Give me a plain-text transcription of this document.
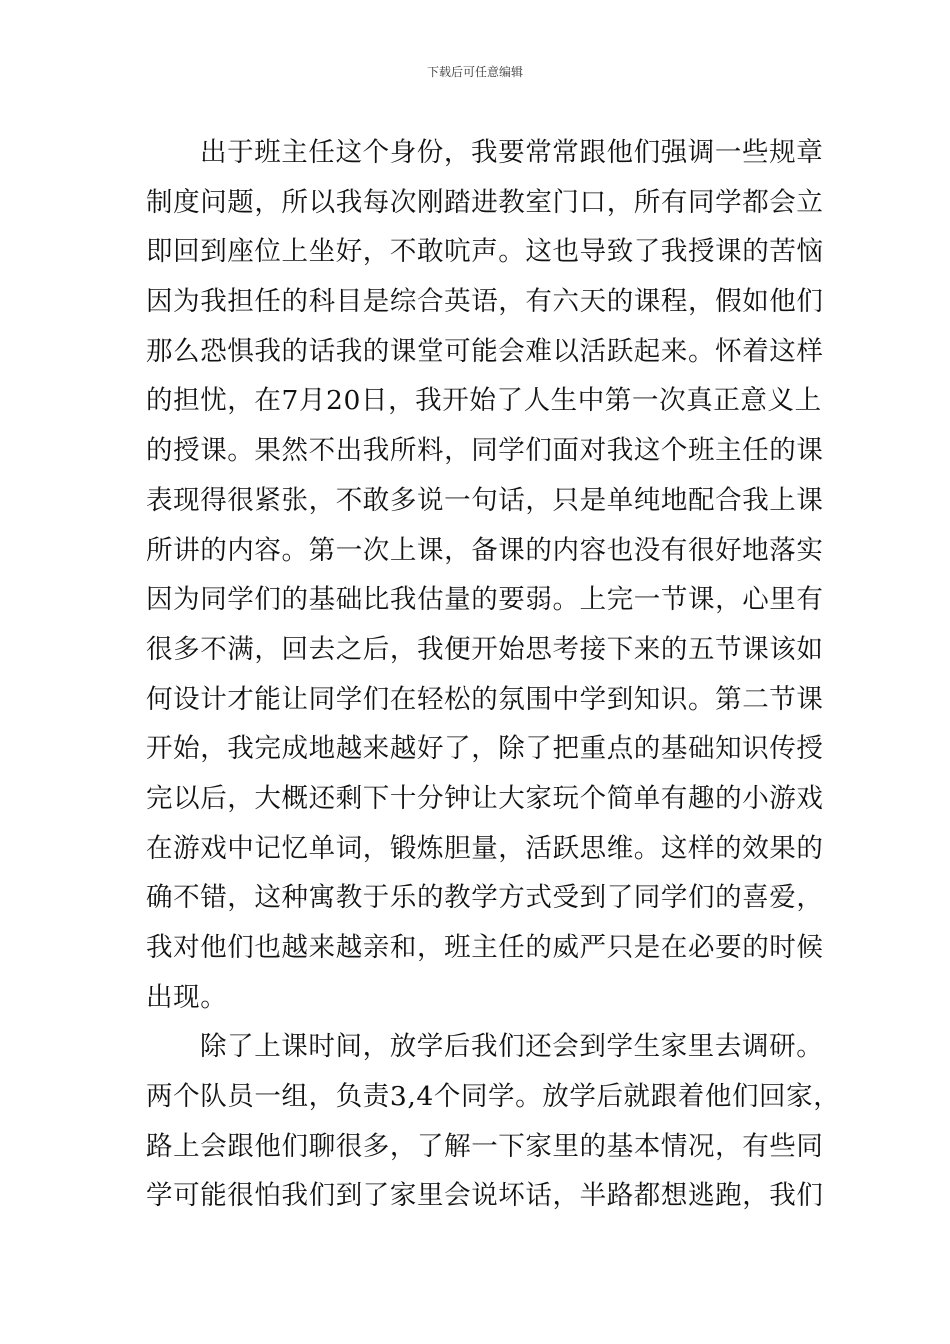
下载后可任意编辑
出于班主任这个身份，我要常常跟他们强调一些规章
制度问题，所以我每次刚踏进教室门口，所有同学都会立
即回到座位上坐好，不敢吭声。这也导致了我授课的苦恼
因为我担任的科目是综合英语，有六天的课程，假如他们
那么恐惧我的话我的课堂可能会难以活跃起来。怀着这样
的担忧，在7月20日，我开始了人生中第一次真正意义上
的授课。果然不出我所料，同学们面对我这个班主任的课
表现得很紧张，不敢多说一句话，只是单纯地配合我上课
所讲的内容。第一次上课，备课的内容也没有很好地落实
因为同学们的基础比我估量的要弱。上完一节课，心里有
很多不满，回去之后，我便开始思考接下来的五节课该如
何设计才能让同学们在轻松的氛围中学到知识。第二节课
开始，我完成地越来越好了，除了把重点的基础知识传授
完以后，大概还剩下十分钟让大家玩个简单有趣的小游戏
在游戏中记忆单词，锻炼胆量，活跃思维。这样的效果的
确不错，这种寓教于乐的教学方式受到了同学们的喜爱，
我对他们也越来越亲和，班主任的威严只是在必要的时候
出现。
除了上课时间，放学后我们还会到学生家里去调研。
两个队员一组，负责3,4个同学。放学后就跟着他们回家，
路上会跟他们聊很多，了解一下家里的基本情况，有些同
学可能很怕我们到了家里会说坏话，半路都想逃跑，我们
